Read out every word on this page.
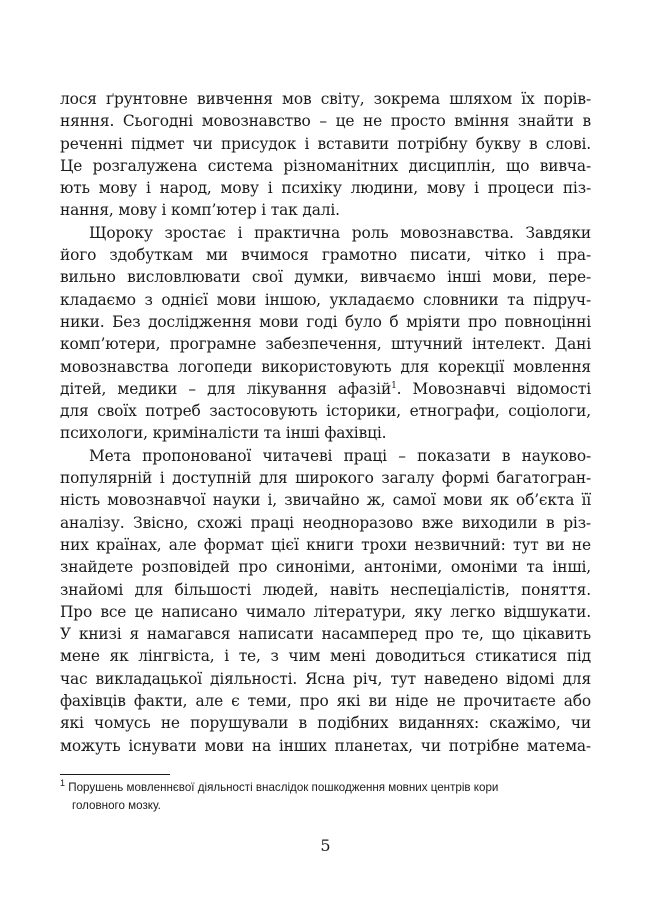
лося ґрунтовне вивчення мов світу, зокрема шляхом їх порів-
няння. Сьогодні мовознавство – це не просто вміння знайти в
реченні підмет чи присудок і вставити потрібну букву в слові.
Це розгалужена система різноманітних дисциплін, що вивча-
ють мову і народ, мову і психіку людини, мову і процеси піз-
нання, мову і комп’ютер і так далі.

Щороку зростає і практична роль мовознавства. Завдяки
його здобуткам ми вчимося грамотно писати, чітко і пра-
вильно висловлювати свої думки, вивчаємо інші мови, пере-
кладаємо з однієї мови іншою, укладаємо словники та підруч-
ники. Без дослідження мови годі було б мріяти про повноцінні
комп’ютери, програмне забезпечення, штучний інтелект. Дані
мовознавства логопеди використовують для корекції мовлення
дітей, медики – для лікування афазій$^1$. Мовознавчі відомості
для своїх потреб застосовують історики, етнографи, соціологи,
психологи, криміналісти та інші фахівці.

Мета пропонованої читачеві праці – показати в науково-
популярній і доступній для широкого загалу формі багатогран-
ність мовознавчої науки і, звичайно ж, самої мови як об’єкта її
аналізу. Звісно, схожі праці неодноразово вже виходили в різ-
них країнах, але формат цієї книги трохи незвичний: тут ви не
знайдете розповідей про синоніми, антоніми, омоніми та інші,
знайомі для більшості людей, навіть неспеціалістів, поняття.
Про все це написано чимало літератури, яку легко відшукати.
У книзі я намагався написати насамперед про те, що цікавить
мене як лінгвіста, і те, з чим мені доводиться стикатися під
час викладацької діяльності. Ясна річ, тут наведено відомі для
фахівців факти, але є теми, про які ви ніде не прочитаєте або
які чомусь не порушували в подібних виданнях: скажімо, чи
можуть існувати мови на інших планетах, чи потрібне матема-

$^1$ Порушень мовленнєвої діяльності внаслідок пошкодження мовних центрів кори
головного мозку.
5
